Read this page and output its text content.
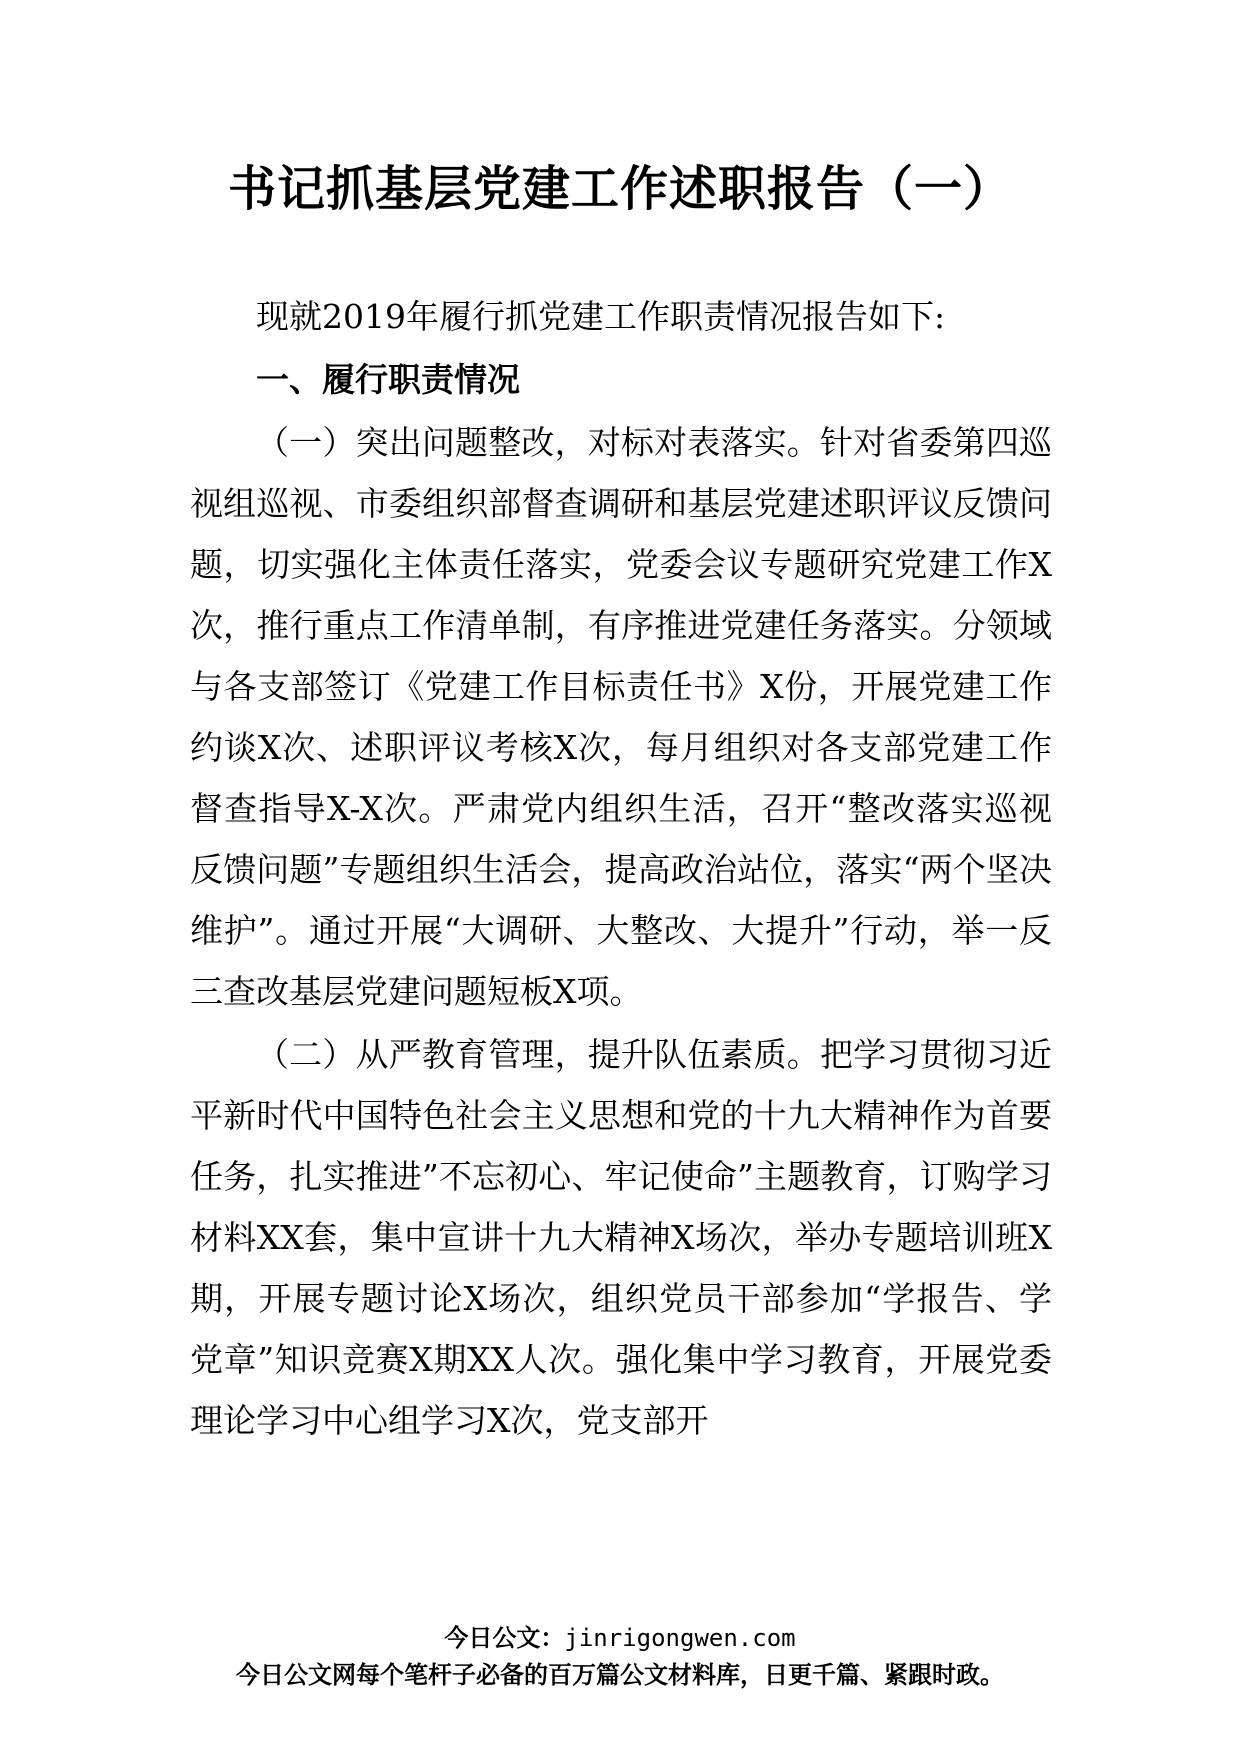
书记抓基层党建工作述职报告（一）

现就2019年履行抓党建工作职责情况报告如下:

一、履行职责情况

（一）突出问题整改，对标对表落实。针对省委第四巡视组巡视、市委组织部督查调研和基层党建述职评议反馈问题，切实强化主体责任落实，党委会议专题研究党建工作X次，推行重点工作清单制，有序推进党建任务落实。分领域与各支部签订《党建工作目标责任书》X份，开展党建工作约谈X次、述职评议考核X次，每月组织对各支部党建工作督查指导X-X次。严肃党内组织生活，召开“整改落实巡视反馈问题”专题组织生活会，提高政治站位，落实“两个坚决维护”。通过开展“大调研、大整改、大提升”行动，举一反三查改基层党建问题短板X项。

（二）从严教育管理，提升队伍素质。把学习贯彻习近平新时代中国特色社会主义思想和党的十九大精神作为首要任务，扎实推进”不忘初心、牢记使命”主题教育，订购学习材料XX套，集中宣讲十九大精神X场次，举办专题培训班X期，开展专题讨论X场次，组织党员干部参加“学报告、学党章”知识竞赛X期XX人次。强化集中学习教育，开展党委理论学习中心组学习X次，党支部开

今日公文：jinrigongwen.com
今日公文网每个笔杆子必备的百万篇公文材料库，日更千篇、紧跟时政。
